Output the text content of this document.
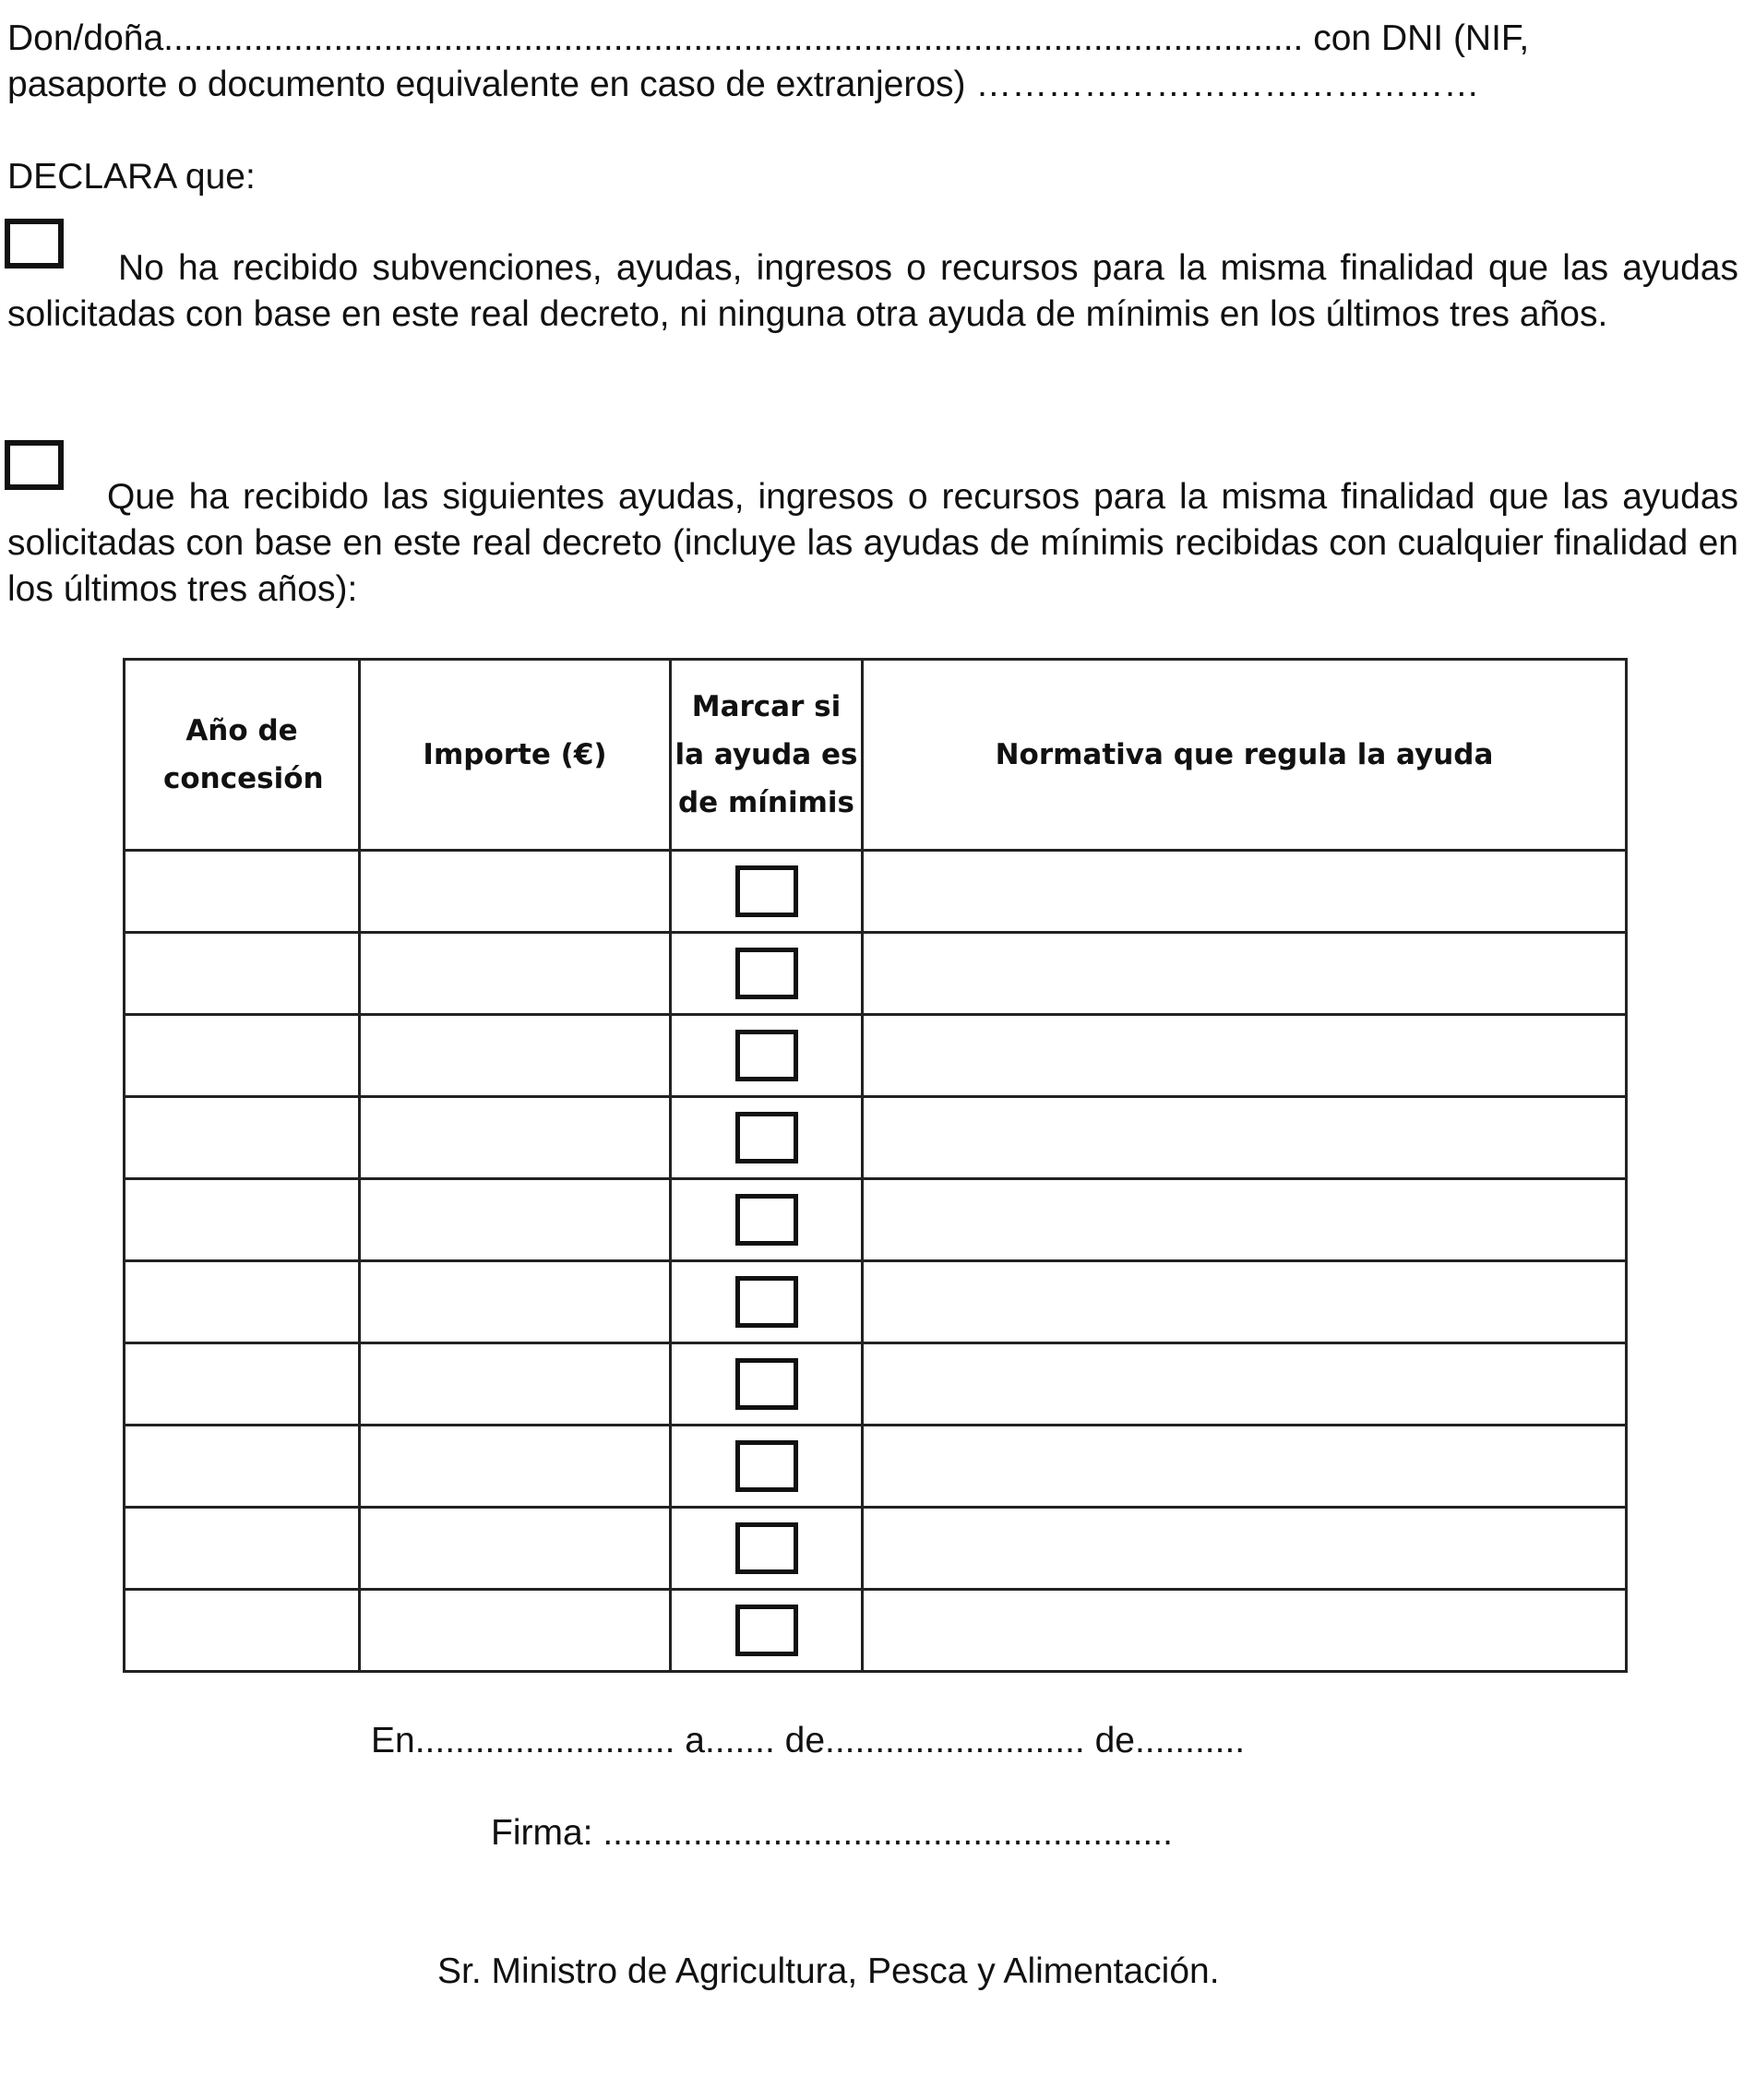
Don/doña.................................................................................................................. con DNI (NIF,
pasaporte o documento equivalente en caso de extranjeros) ……………………………………
DECLARA que:
No ha recibido subvenciones, ayudas, ingresos o recursos para la misma finalidad que las ayudas solicitadas con base en este real decreto, ni ninguna otra ayuda de mínimis en los últimos tres años.
Que ha recibido las siguientes ayudas, ingresos o recursos para la misma finalidad que las ayudas solicitadas con base en este real decreto (incluye las ayudas de mínimis recibidas con cualquier finalidad en los últimos tres años):
Año de concesión	Importe (€)	Marcar si la ayuda es de mínimis	Normativa que regula la ayuda

En.......................... a....... de.......................... de...........
Firma: .........................................................
Sr. Ministro de Agricultura, Pesca y Alimentación.
